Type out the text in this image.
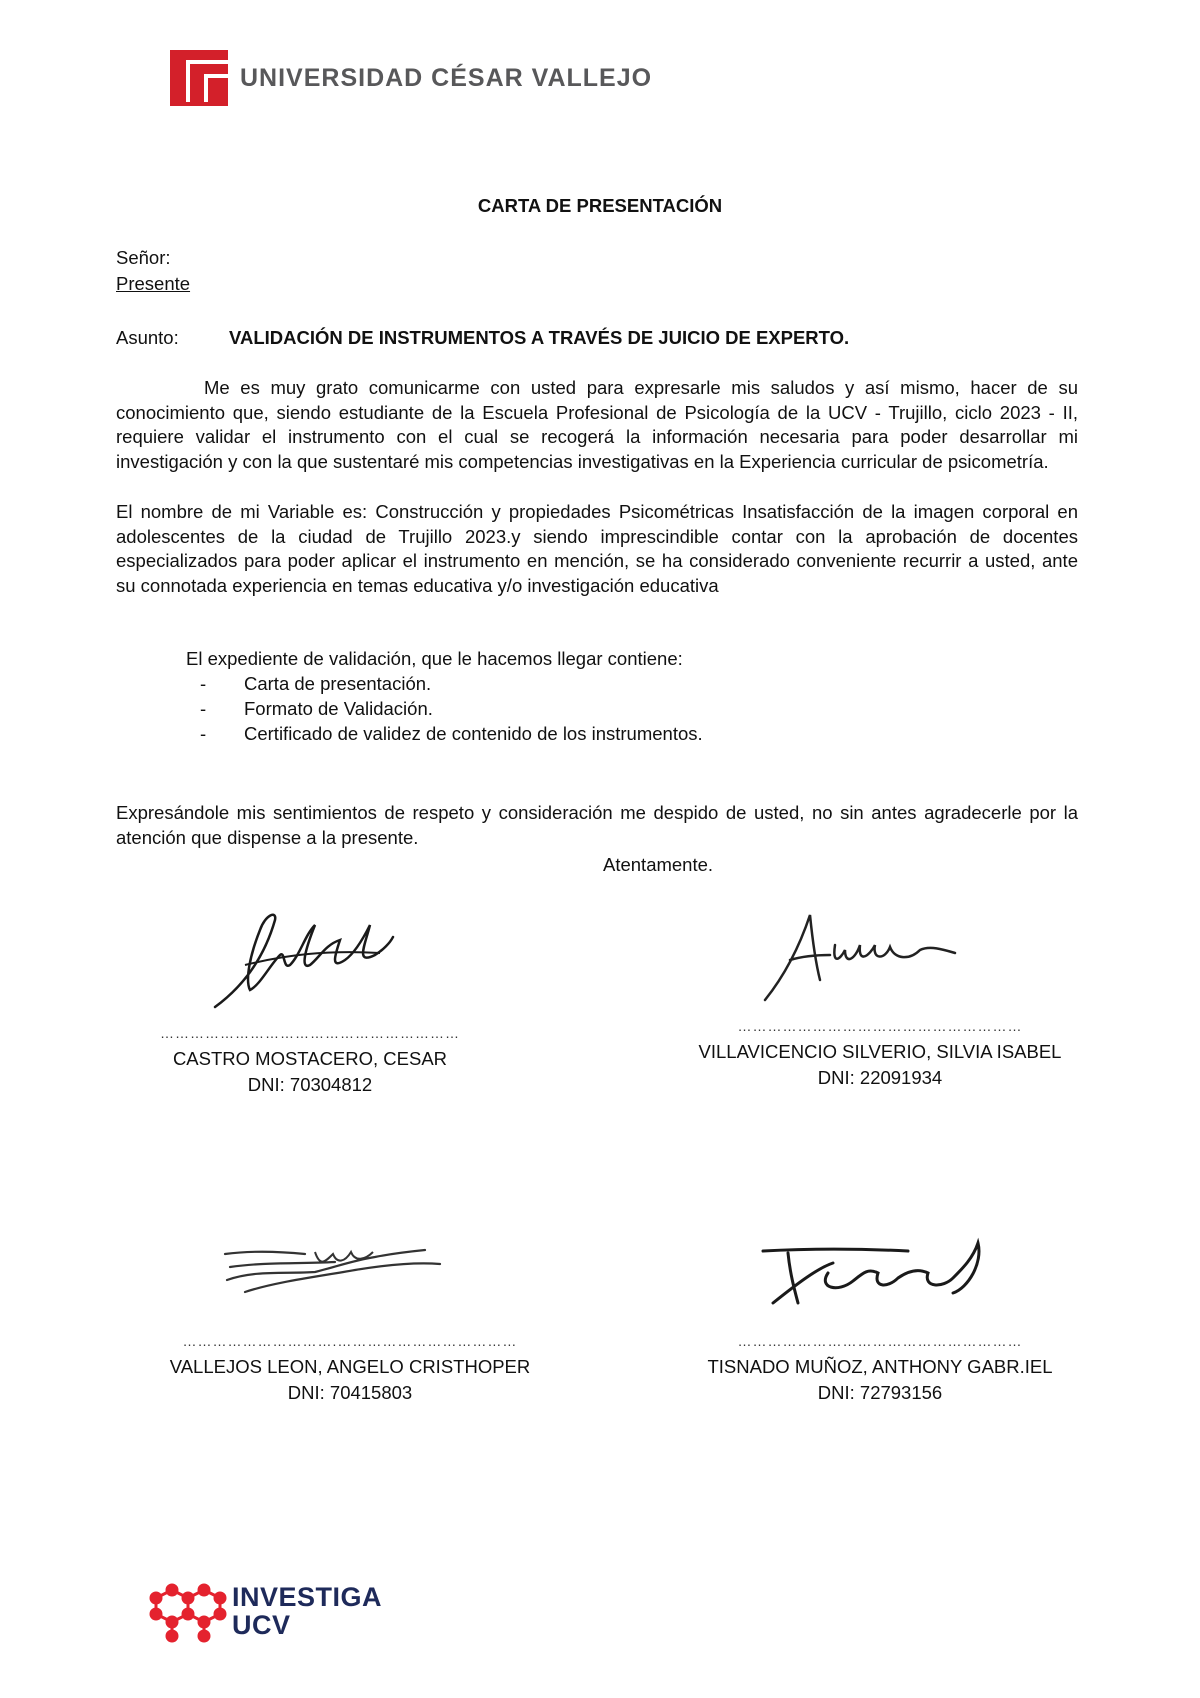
UNIVERSIDAD CÉSAR VALLEJO
CARTA DE PRESENTACIÓN
Señor:
Presente
Asunto:	VALIDACIÓN DE INSTRUMENTOS A TRAVÉS DE JUICIO DE EXPERTO.
Me es muy grato comunicarme con usted para expresarle mis saludos y así mismo, hacer de su conocimiento que, siendo estudiante de la Escuela Profesional de Psicología de la UCV - Trujillo, ciclo 2023 - II, requiere validar el instrumento con el cual se recogerá la información necesaria para poder desarrollar mi investigación y con la que sustentaré mis competencias investigativas en la Experiencia curricular de psicometría.
El nombre de mi Variable es: Construcción y propiedades Psicométricas Insatisfacción de la imagen corporal en adolescentes de la ciudad de Trujillo 2023.y siendo imprescindible contar con la aprobación de docentes especializados para poder aplicar el instrumento en mención, se ha considerado conveniente recurrir a usted, ante su connotada experiencia en temas educativa y/o investigación educativa
El expediente de validación, que le hacemos llegar contiene:
- Carta de presentación.
- Formato de Validación.
- Certificado de validez de contenido de los instrumentos.
Expresándole mis sentimientos de respeto y consideración me despido de usted, no sin antes agradecerle por la atención que dispense a la presente.
Atentamente.
……………………………………………………
CASTRO MOSTACERO, CESAR
DNI: 70304812
…………………………………………………
VILLAVICENCIO SILVERIO, SILVIA ISABEL
DNI: 22091934
………………………….………………………………
VALLEJOS LEON, ANGELO CRISTHOPER
DNI: 70415803
…………………………………………………
TISNADO MUÑOZ, ANTHONY GABR.IEL
DNI: 72793156
INVESTIGA
UCV
